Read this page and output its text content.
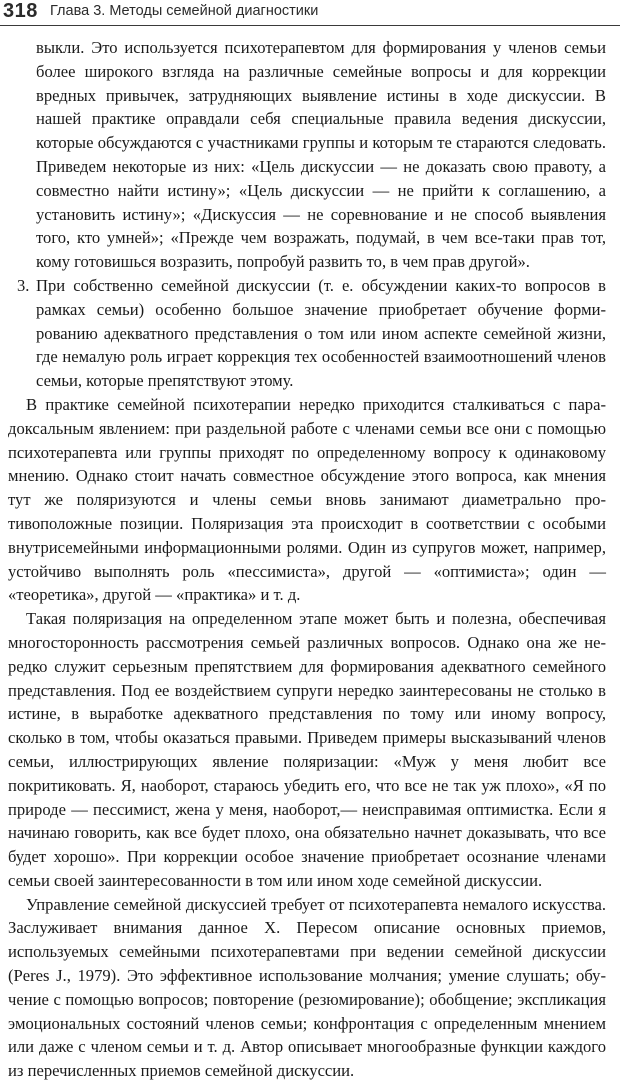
318 Глава 3. Методы семейной диагностики

выкли. Это используется психотерапевтом для формирования у членов семьи более широкого взгляда на различные семейные вопросы и для коррекции вредных привычек, затрудняющих выявление истины в ходе дискуссии. В нашей практике оправдали себя специальные правила ведения дискуссии, которые обсуждаются с участниками группы и которым те стараются следовать. Приведем некоторые из них: «Цель дискуссии — не доказать свою правоту, а совместно найти истину»; «Цель дискуссии — не прийти к соглашению, а установить истину»; «Дискуссия — не соревнование и не способ выявления того, кто умней»; «Прежде чем возражать, подумай, в чем все-таки прав тот, кому готовишься возразить, попробуй развить то, в чем прав другой».

3. При собственно семейной дискуссии (т. е. обсуждении каких-то вопросов в рамках семьи) особенно большое значение приобретает обучение формированию адекватного представления о том или ином аспекте семейной жизни, где немалую роль играет коррекция тех особенностей взаимоотношений членов семьи, которые препятствуют этому.

В практике семейной психотерапии нередко приходится сталкиваться с парадоксальным явлением: при раздельной работе с членами семьи все они с помощью психотерапевта или группы приходят по определенному вопросу к одинаковому мнению. Однако стоит начать совместное обсуждение этого вопроса, как мнения тут же поляризуются и члены семьи вновь занимают диаметрально противоположные позиции. Поляризация эта происходит в соответствии с особыми внутрисемейными информационными ролями. Один из супругов может, например, устойчиво выполнять роль «пессимиста», другой — «оптимиста»; один — «теоретика», другой — «практика» и т. д.

Такая поляризация на определенном этапе может быть и полезна, обеспечивая многосторонность рассмотрения семьей различных вопросов. Однако она же нередко служит серьезным препятствием для формирования адекватного семейного представления. Под ее воздействием супруги нередко заинтересованы не столько в истине, в выработке адекватного представления по тому или иному вопросу, сколько в том, чтобы оказаться правыми. Приведем примеры высказываний членов семьи, иллюстрирующих явление поляризации: «Муж у меня любит все покритиковать. Я, наоборот, стараюсь убедить его, что все не так уж плохо», «Я по природе — пессимист, жена у меня, наоборот,— неисправимая оптимистка. Если я начинаю говорить, как все будет плохо, она обязательно начнет доказывать, что все будет хорошо». При коррекции особое значение приобретает осознание членами семьи своей заинтересованности в том или ином ходе семейной дискуссии.

Управление семейной дискуссией требует от психотерапевта немалого искусства. Заслуживает внимания данное Х. Пересом описание основных приемов, используемых семейными психотерапевтами при ведении семейной дискуссии (Peres J., 1979). Это эффективное использование молчания; умение слушать; обучение с помощью вопросов; повторение (резюмирование); обобщение; экспликация эмоциональных состояний членов семьи; конфронтация с определенным мнением или даже с членом семьи и т. д. Автор описывает многообразные функции каждого из перечисленных приемов семейной дискуссии.
